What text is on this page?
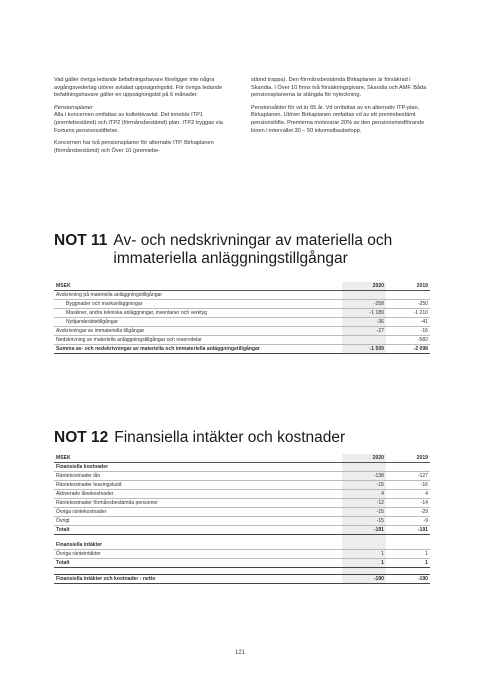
Vad gäller övriga ledande befattningshavare föreligger inte några avgångsvederlag utöver avtalad uppsägningstid. För övriga ledande befattningshavare gäller en uppsägningstid på 6 månader.

Pensionsplaner

Alla i koncernen omfattas av kollektivavtal. Det innebär ITP1 (premiebestämd) och ITP2 (förmånsbestämd) plan. ITP2 tryggas via Fortums pensionsstiftelse.

Koncernen har två pensionsplaner för alternativ ITP, Birkaplanen (förmånsbestämd) och Över 10 (premiebe-

stämd trappa). Den förmånsbestämda Birkaplanen är försäkrad i Skandia. I Över 10 finns två försäkringsgivare, Skandia och AMF. Båda pensionsplanerna är stängda för nyteckning.

Pensionsålder för vd är 65 år. Vd omfattas av en alternativ ITP-plan, Birkaplanen. Utöver Birkaplanen omfattas vd av ett premiebestämt pensionslöfte. Premierna motsvarar 20% av den pensionsmedförande lönen i intervallet 30 – 50 inkomstbasbelopp.

NOT 11 Av- och nedskrivningar av materiella och immateriella anläggningstillgångar
MSEK	2020	2019
Avskrivning på materiella anläggningstillgångar		
Byggnader och markanläggningar	-258	-250
Maskiner, andra tekniska anläggningar, inventarier och verktyg	-1 189	-1 210
Nyttjanderättstillgångar	-36	-41
Avskrivningar av immateriella tillgångar	-27	-16
Nedskrivning av materiella anläggningstillgångar och reservdelar		-582
Summa av- och nedskrivningar av materiella och immateriella anläggningstillgångar	-1 509	-2 098
NOT 12 Finansiella intäkter och kostnader
MSEK	2020	2019
Finansiella kostnader		
Räntekostnader lån	-138	-127
Räntekostnader leasingskuld	-15	-16
Aktiverade lånekostnader	4	4
Räntekostnader förmånsbestämda pensioner	-12	-14
Övriga räntekostnader	-15	-29
Övrigt	-15	-9
Totalt	-191	-191

Finansiella intäkter		
Övriga ränteintäkter	1	1
Totalt	1	1

Finansiella intäkter och kostnader - netto	-190	-190
121
